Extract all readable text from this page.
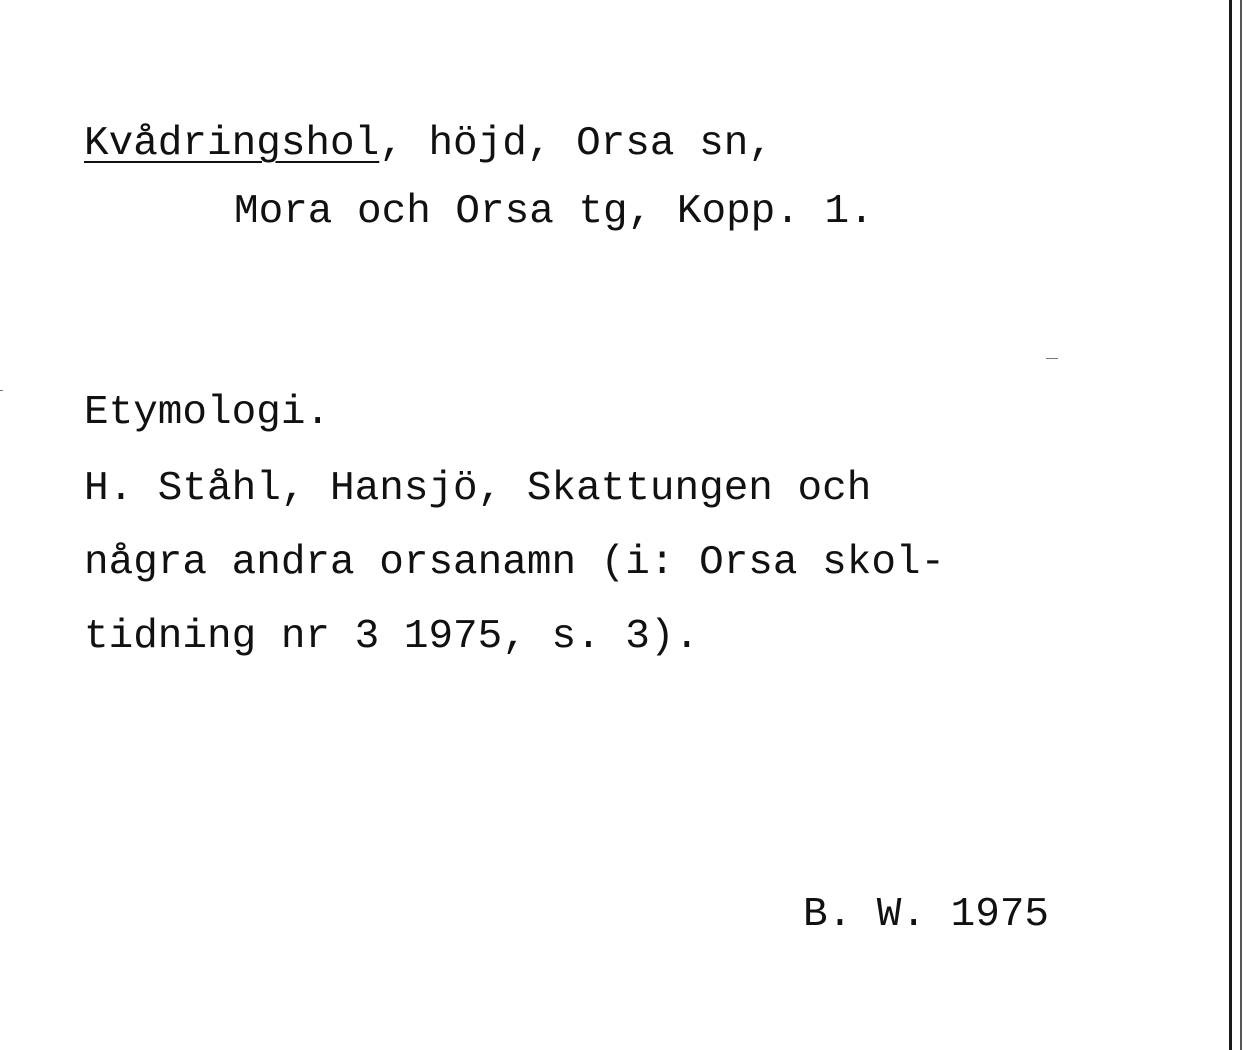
Kvådringshol, höjd, Orsa sn,
Mora och Orsa tg, Kopp. 1.
Etymologi.
H. Ståhl, Hansjö, Skattungen och
några andra orsanamn (i: Orsa skol-
tidning nr 3 1975, s. 3).
B. W. 1975
